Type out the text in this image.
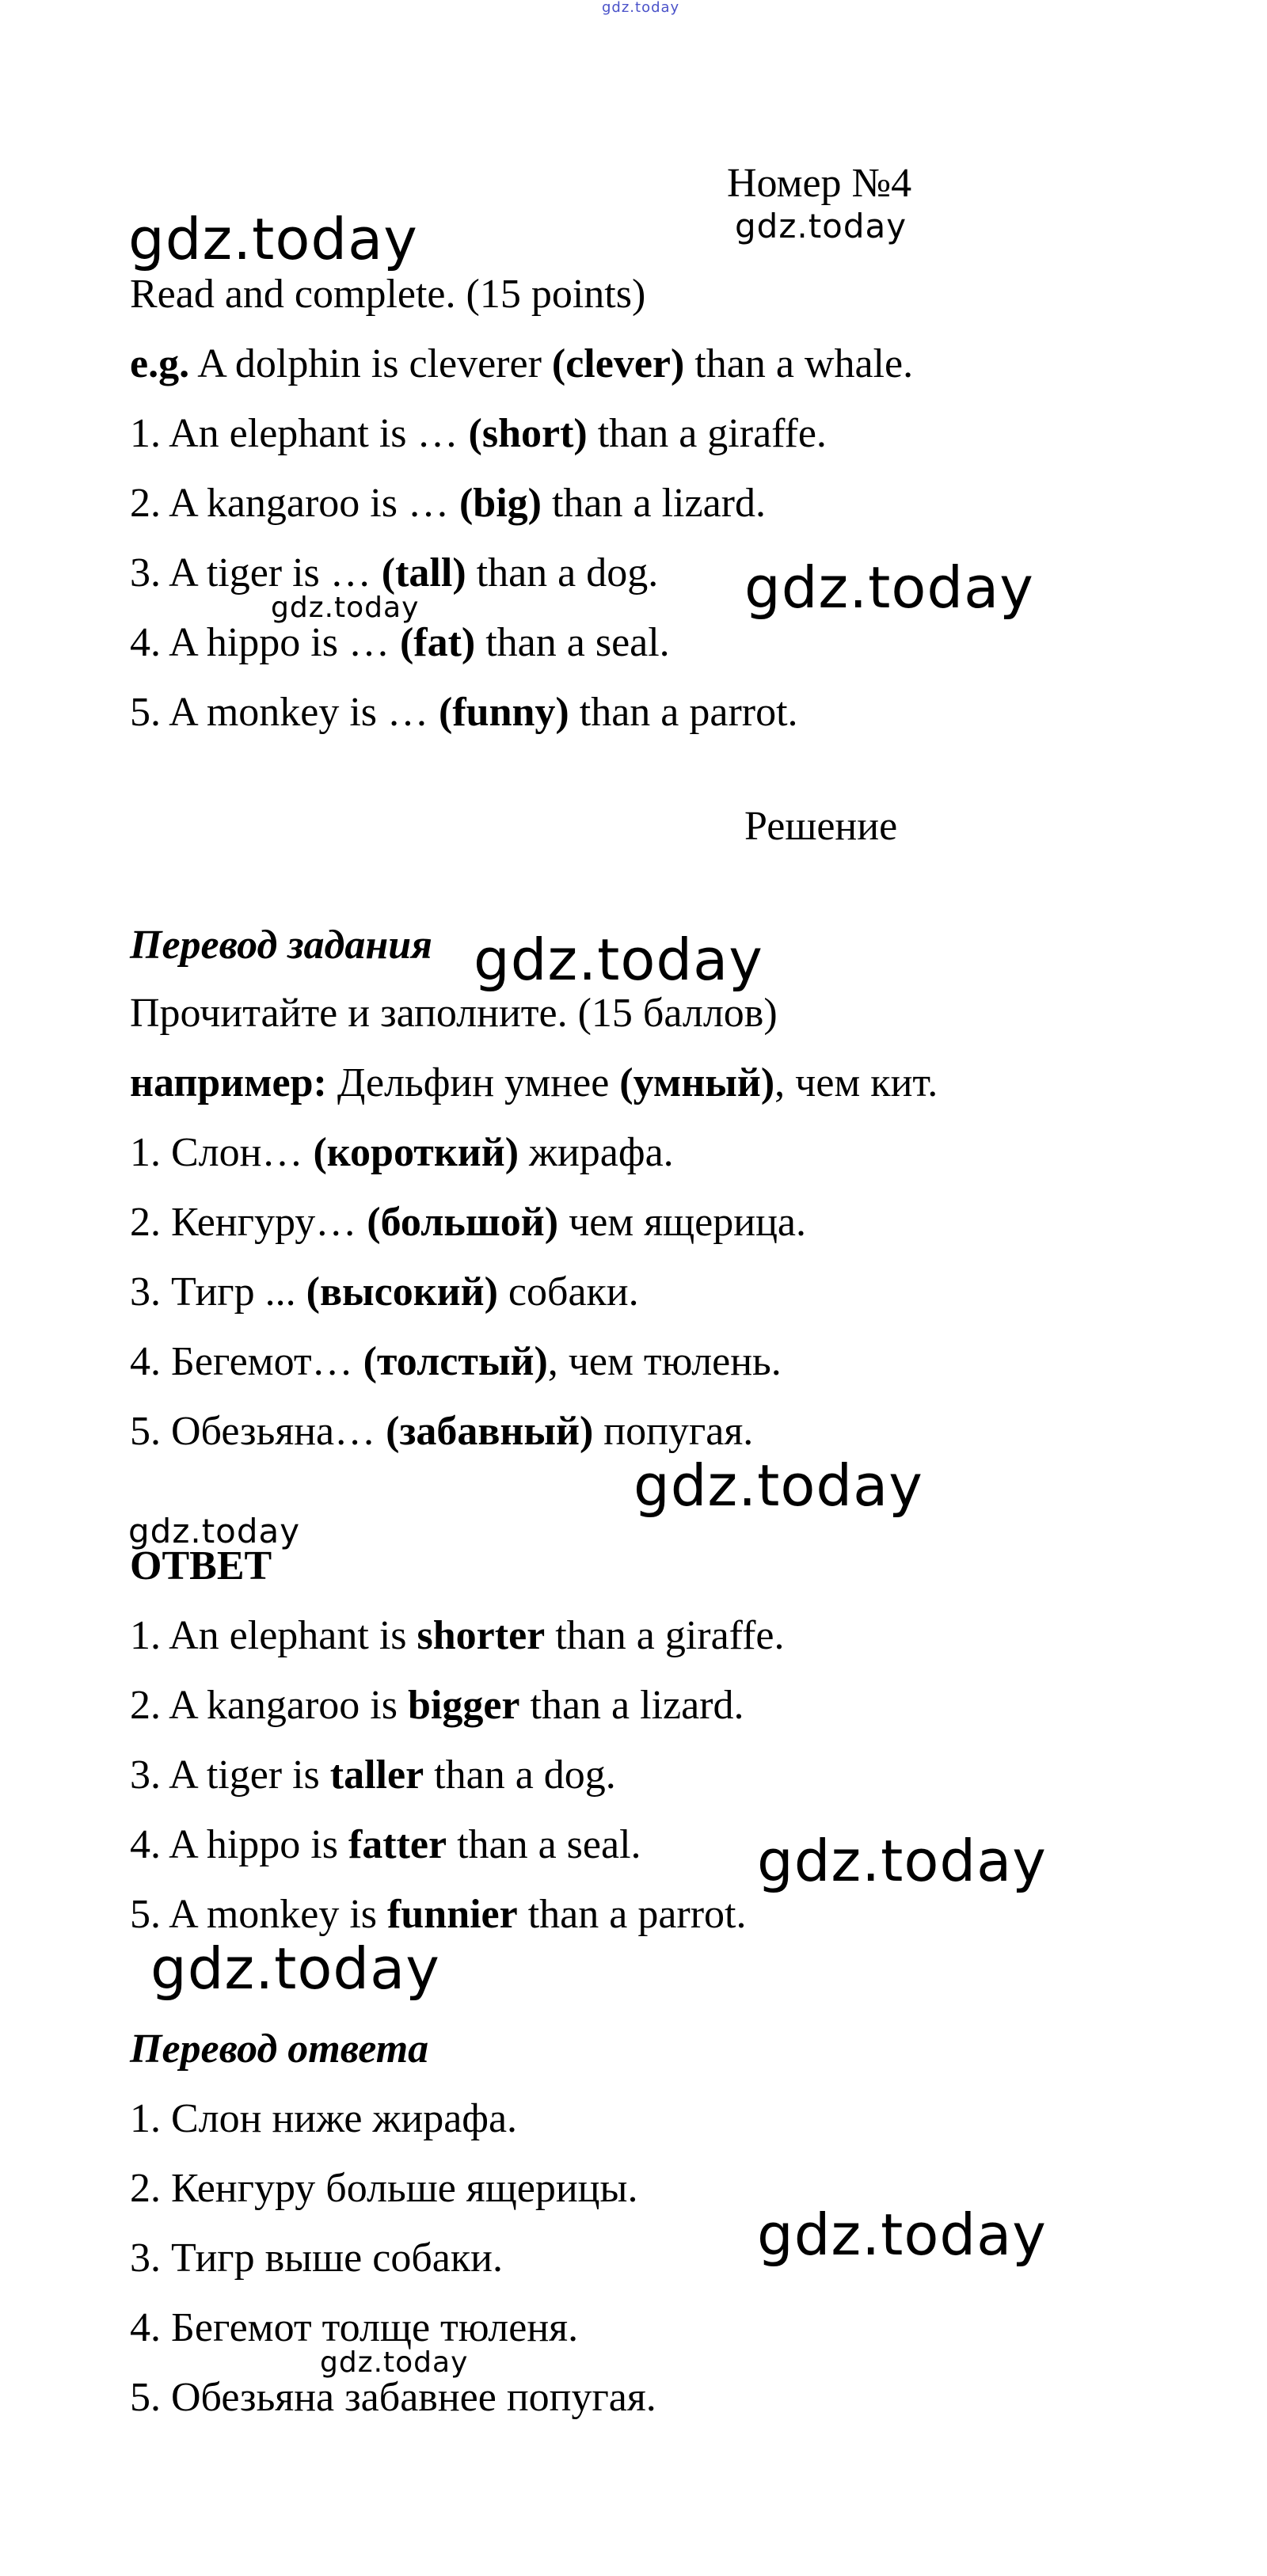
gdz.today
Номер №4
gdz.today
gdz.today

Read and complete. (15 points)

e.g. A dolphin is cleverer (clever) than a whale.

1. An elephant is … (short) than a giraffe.

2. A kangaroo is … (big) than a lizard.

3. A tiger is … (tall) than a dog. gdz.today
gdz.today

4. A hippo is … (fat) than a seal.

5. A monkey is … (funny) than a parrot.

Решение

Перевод задания gdz.today

Прочитайте и заполните. (15 баллов)

например: Дельфин умнее (умный), чем кит.

1. Слон… (короткий) жирафа.

2. Кенгуру… (большой) чем ящерица.

3. Тигр ... (высокий) собаки.

4. Бегемот… (толстый), чем тюлень.

5. Обезьяна… (забавный) попугая.

gdz.today
gdz.today

ОТВЕТ

1. An elephant is shorter than a giraffe.

2. A kangaroo is bigger than a lizard.

3. A tiger is taller than a dog.

4. A hippo is fatter than a seal. gdz.today

5. A monkey is funnier than a parrot.

gdz.today

Перевод ответа

1. Слон ниже жирафа.

2. Кенгуру больше ящерицы.

gdz.today

3. Тигр выше собаки.

4. Бегемот толще тюленя.

gdz.today

5. Обезьяна забавнее попугая.
